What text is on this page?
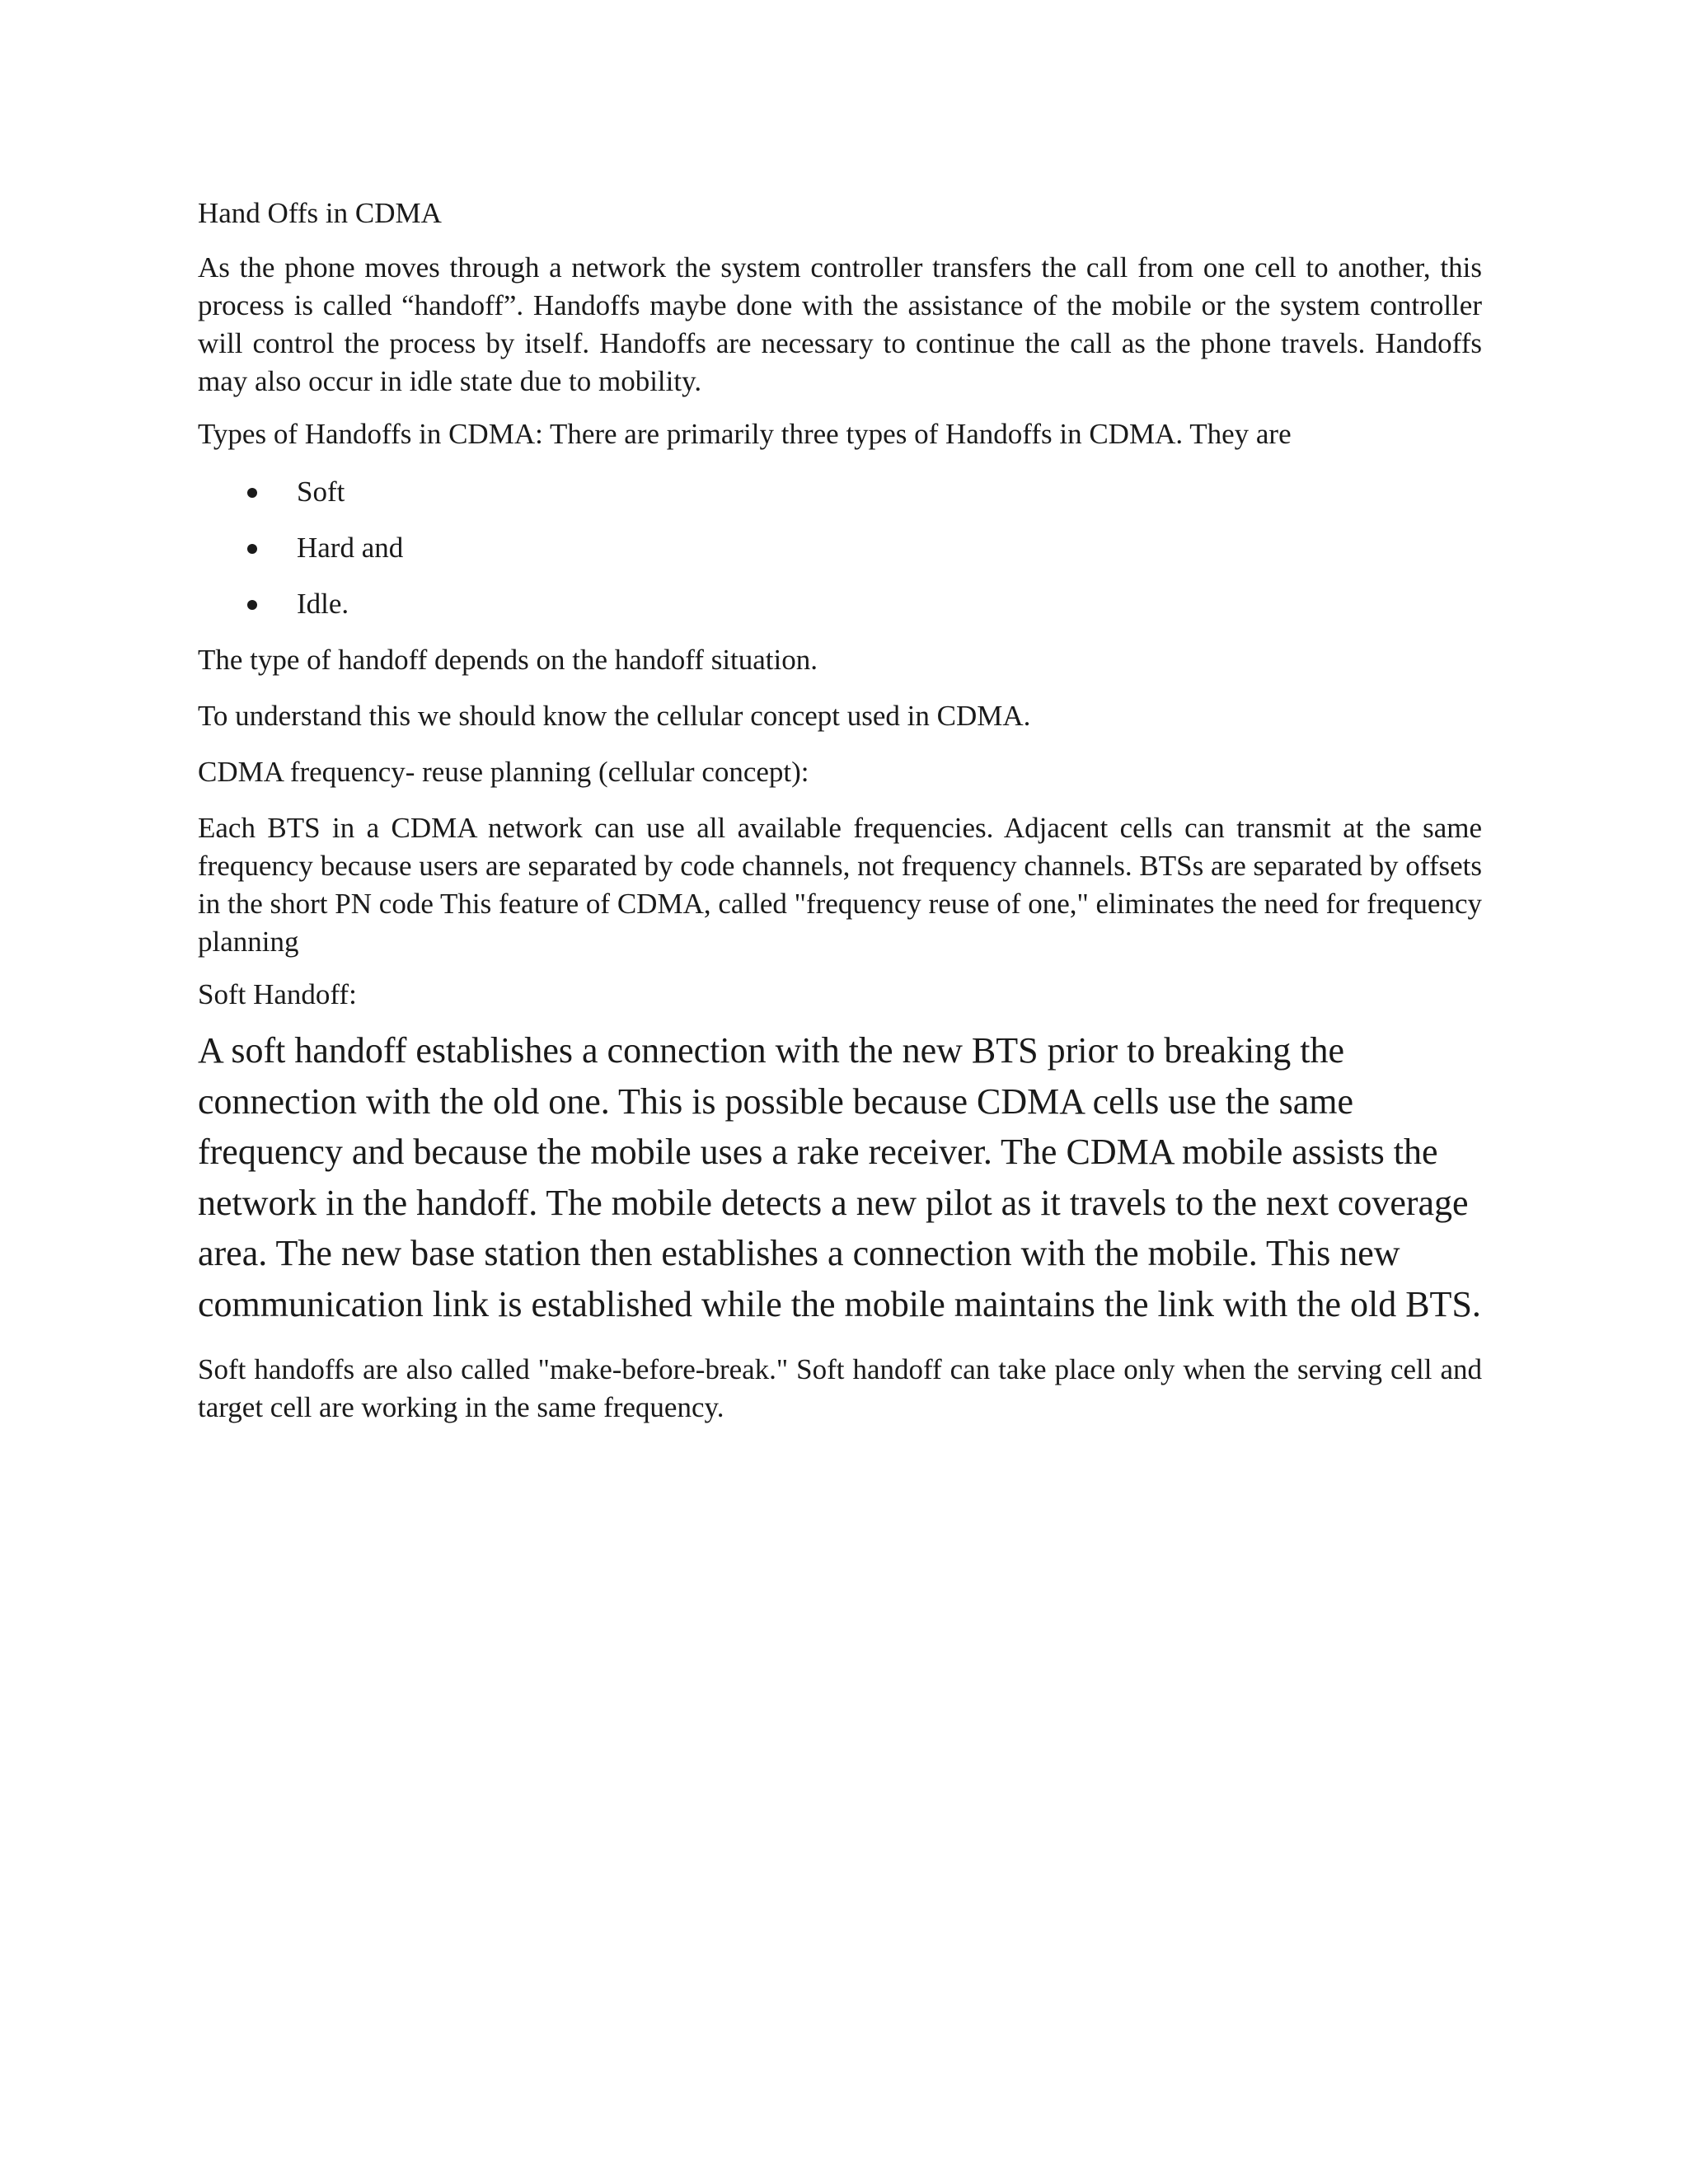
Hand Offs in CDMA

As the phone moves through a network the system controller transfers the call from one cell to another, this process is called “handoff”. Handoffs maybe done with the assistance of the mobile or the system controller will control the process by itself. Handoffs are necessary to continue the call as the phone travels. Handoffs may also occur in idle state due to mobility.

Types of Handoffs in CDMA: There are primarily three types of Handoffs in CDMA. They are

Soft
Hard and
Idle.

The type of handoff depends on the handoff situation.

To understand this we should know the cellular concept used in CDMA.

CDMA frequency- reuse planning (cellular concept):

Each BTS in a CDMA network can use all available frequencies. Adjacent cells can transmit at the same frequency because users are separated by code channels, not frequency channels. BTSs are separated by offsets in the short PN code This feature of CDMA, called "frequency reuse of one," eliminates the need for frequency planning

Soft Handoff:

A soft handoff establishes a connection with the new BTS prior to breaking the connection with the old one. This is possible because CDMA cells use the same frequency and because the mobile uses a rake receiver. The CDMA mobile assists the network in the handoff. The mobile detects a new pilot as it travels to the next coverage area. The new base station then establishes a connection with the mobile. This new communication link is established while the mobile maintains the link with the old BTS.

Soft handoffs are also called "make-before-break." Soft handoff can take place only when the serving cell and target cell are working in the same frequency.
